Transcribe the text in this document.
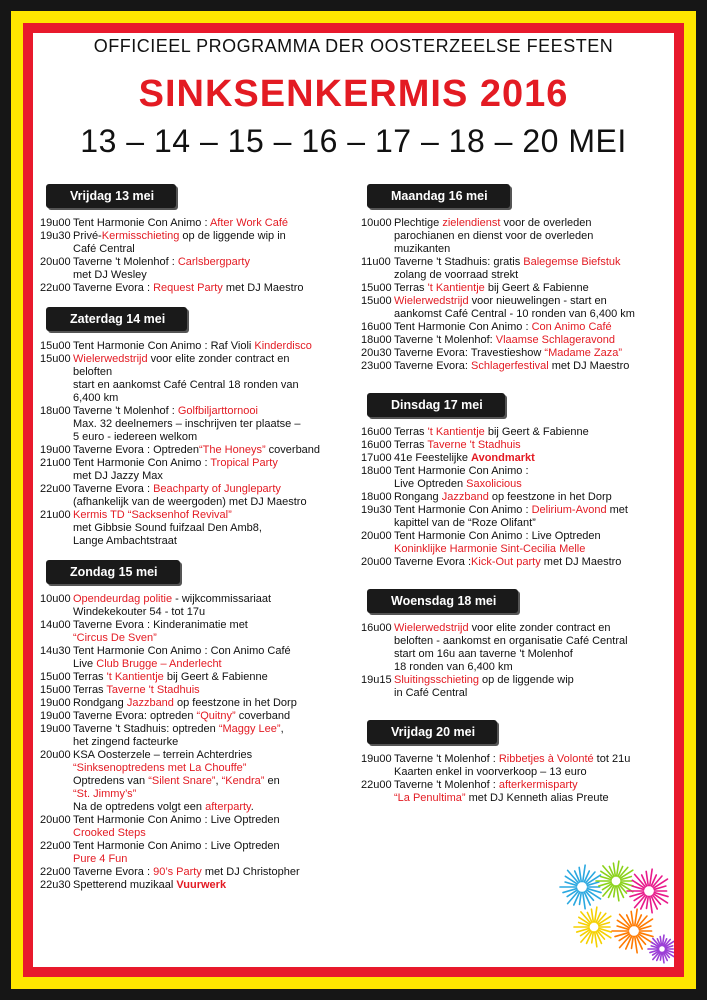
OFFICIEEL PROGRAMMA DER OOSTERZEELSE FEESTEN
SINKSENKERMIS 2016
13 – 14 – 15 – 16 – 17 – 18 – 20 MEI
Vrijdag 13 mei
19u00 Tent Harmonie Con Animo : After Work Café
19u30 Privé-Kermisschieting op de liggende wip in
Café Central
20u00 Taverne 't Molenhof : Carlsbergparty
met DJ Wesley
22u00 Taverne Evora : Request Party met DJ Maestro
Zaterdag 14 mei
15u00 Tent Harmonie Con Animo : Raf Violi Kinderdisco
15u00 Wielerwedstrijd voor elite zonder contract en
beloften
start en aankomst Café Central 18 ronden van
6,400 km
18u00 Taverne 't Molenhof : Golfbiljarttornooi
Max. 32 deelnemers – inschrijven ter plaatse –
5 euro - iedereen welkom
19u00 Taverne Evora : Optreden“The Honeys” coverband
21u00 Tent Harmonie Con Animo : Tropical Party
met DJ Jazzy Max
22u00 Taverne Evora : Beachparty of Jungleparty
(afhankelijk van de weergoden) met DJ Maestro
21u00 Kermis TD “Sacksenhof Revival”
met Gibbsie Sound fuifzaal Den Amb8,
Lange Ambachtstraat
Zondag 15 mei
10u00 Opendeurdag politie - wijkcommissariaat
Windekekouter 54 - tot 17u
14u00 Taverne Evora : Kinderanimatie met
“Circus De Sven”
14u30 Tent Harmonie Con Animo : Con Animo Café
Live Club Brugge – Anderlecht
15u00 Terras 't Kantientje bij Geert & Fabienne
15u00 Terras Taverne 't Stadhuis
19u00 Rondgang Jazzband op feestzone in het Dorp
19u00 Taverne Evora: optreden “Quitny” coverband
19u00 Taverne 't Stadhuis: optreden “Maggy Lee”,
het zingend facteurke
20u00 KSA Oosterzele – terrein Achterdries
“Sinksenoptredens met La Chouffe”
Optredens van “Silent Snare”, “Kendra” en
“St. Jimmy’s”
Na de optredens volgt een afterparty.
20u00 Tent Harmonie Con Animo : Live Optreden
Crooked Steps
22u00 Tent Harmonie Con Animo : Live Optreden
Pure 4 Fun
22u00 Taverne Evora : 90’s Party met DJ Christopher
22u30 Spetterend muzikaal Vuurwerk
Maandag 16 mei
10u00 Plechtige zielendienst voor de overleden
parochianen en dienst voor de overleden
muzikanten
11u00 Taverne 't Stadhuis: gratis Balegemse Biefstuk
zolang de voorraad strekt
15u00 Terras 't Kantientje bij Geert & Fabienne
15u00 Wielerwedstrijd voor nieuwelingen - start en
aankomst Café Central - 10 ronden van 6,400 km
16u00 Tent Harmonie Con Animo : Con Animo Café
18u00 Taverne 't Molenhof: Vlaamse Schlageravond
20u30 Taverne Evora: Travestieshow “Madame Zaza”
23u00 Taverne Evora: Schlagerfestival met DJ Maestro
Dinsdag 17 mei
16u00 Terras 't Kantientje bij Geert & Fabienne
16u00 Terras Taverne 't Stadhuis
17u00 41e Feestelijke Avondmarkt
18u00 Tent Harmonie Con Animo :
Live Optreden Saxolicious
18u00 Rongang Jazzband op feestzone in het Dorp
19u30 Tent Harmonie Con Animo : Delirium-Avond met
kapittel van de “Roze Olifant”
20u00 Tent Harmonie Con Animo : Live Optreden
Koninklijke Harmonie Sint-Cecilia Melle
20u00 Taverne Evora :Kick-Out party met DJ Maestro
Woensdag 18 mei
16u00 Wielerwedstrijd voor elite zonder contract en
beloften - aankomst en organisatie Café Central
start om 16u aan taverne 't Molenhof
18 ronden van 6,400 km
19u15 Sluitingsschieting op de liggende wip
in Café Central
Vrijdag 20 mei
19u00 Taverne 't Molenhof : Ribbetjes à Volonté tot 21u
Kaarten enkel in voorverkoop – 13 euro
22u00 Taverne 't Molenhof : afterkermisparty
“La Penultima” met DJ Kenneth alias Preute
